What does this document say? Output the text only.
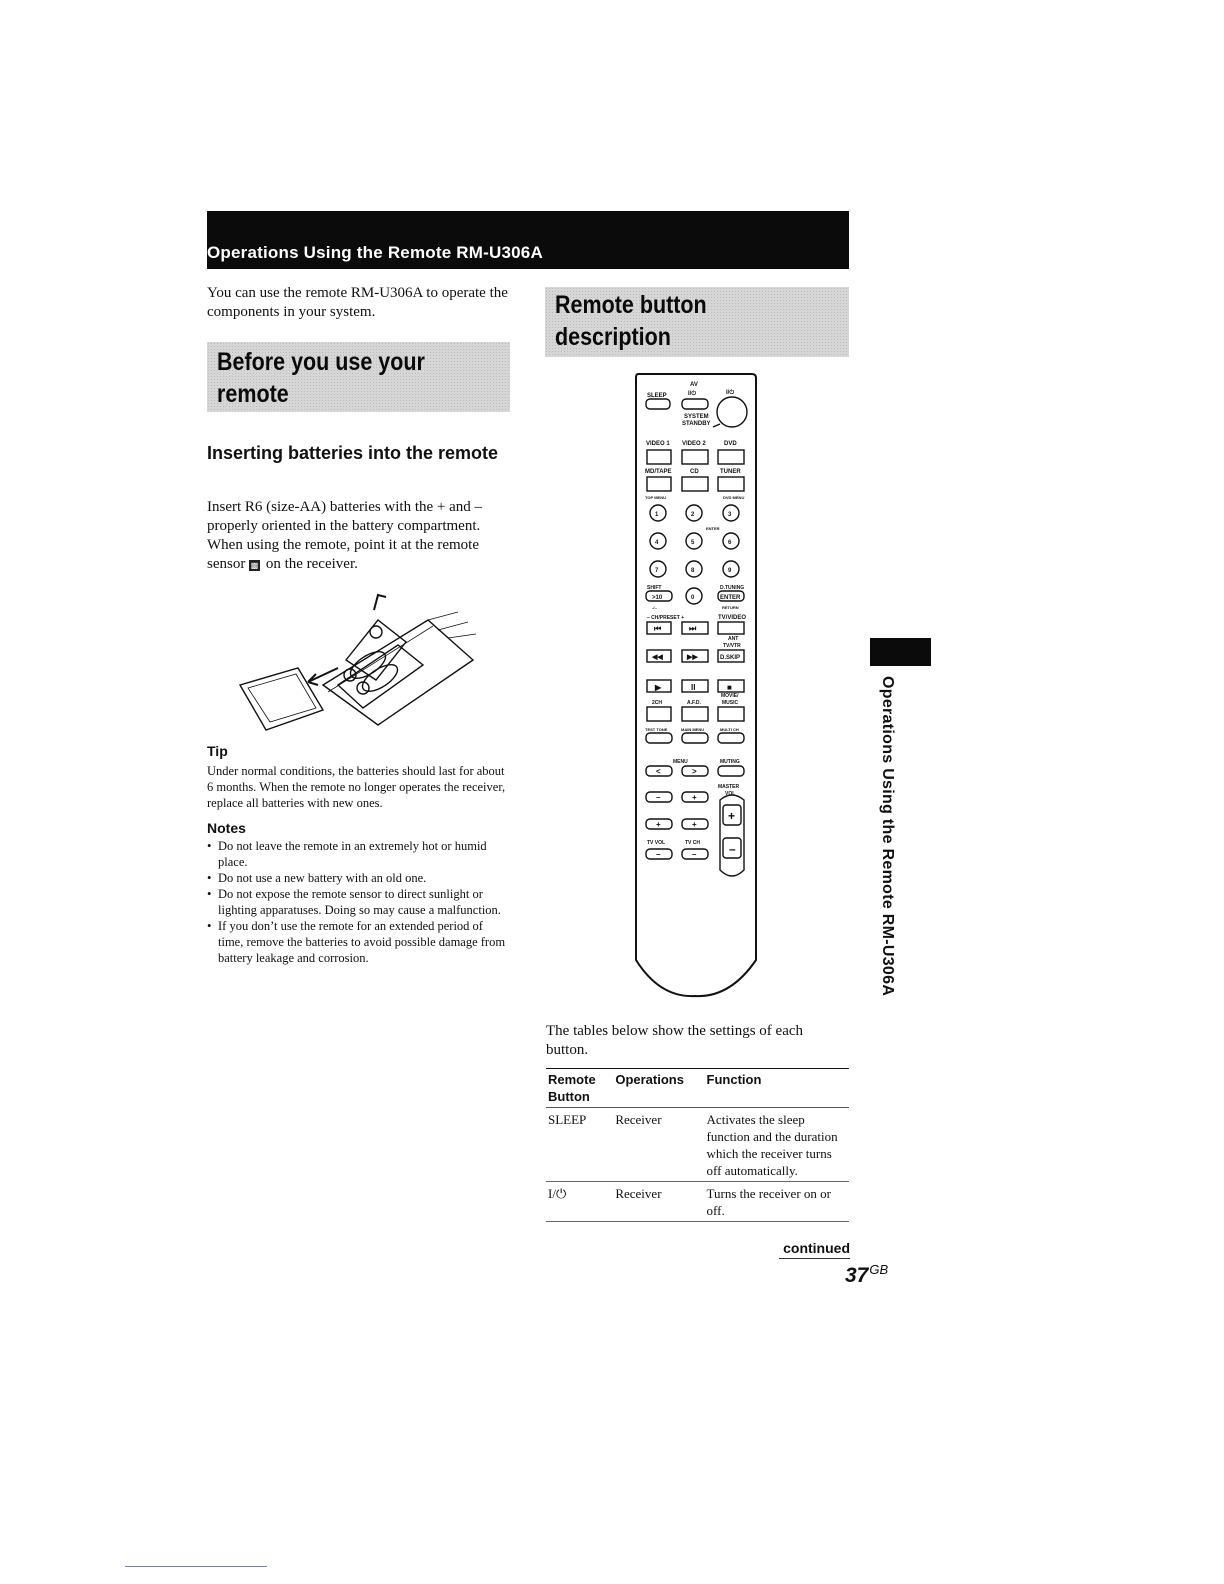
Operations Using the Remote RM-U306A
You can use the remote RM-U306A to operate the components in your system.
Before you use your
remote
Inserting batteries into the remote
Insert R6 (size-AA) batteries with the + and – properly oriented in the battery compartment. When using the remote, point it at the remote sensor ▩ on the receiver.
Tip
Under normal conditions, the batteries should last for about 6 months. When the remote no longer operates the receiver, replace all batteries with new ones.
Notes
• Do not leave the remote in an extremely hot or humid place.
• Do not use a new battery with an old one.
• Do not expose the remote sensor to direct sunlight or lighting apparatuses. Doing so may cause a malfunction.
• If you don’t use the remote for an extended period of time, remove the batteries to avoid possible damage from battery leakage and corrosion.
Remote button
description
SLEEP
AV
I/⏻	I/⏻
SYSTEM
STANDBY
VIDEO 1 VIDEO 2	DVD
MD/TAPE	CD	TUNER
TOP MENU	DVD MENU
ENTER
1	2	3
4	5	6
7	8	9
SHIFT	D.TUNING
>10	0	ENTER
-/--	RETURN
– CH/PRESET +	TV/VIDEO
⏮	⏭
ANT
TV/VTR
◀◀	▶▶	D.SKIP
▶	II	■
2CH	A.F.D.
MOVIE/
MUSIC
TEST TONE	MAIN MENU	MULTI CH
MENU	MUTING
<	>
MASTER
VOL
–	+
+
–
+	+
TV VOL	TV CH
–	–
The tables below show the settings of each button.
Remote Button	Operations	Function
SLEEP	Receiver	Activates the sleep function and the duration which the receiver turns off automatically.
I/⏻	Receiver	Turns the receiver on or off.
continued
$37^{GB}$
Operations Using the Remote RM-U306A
